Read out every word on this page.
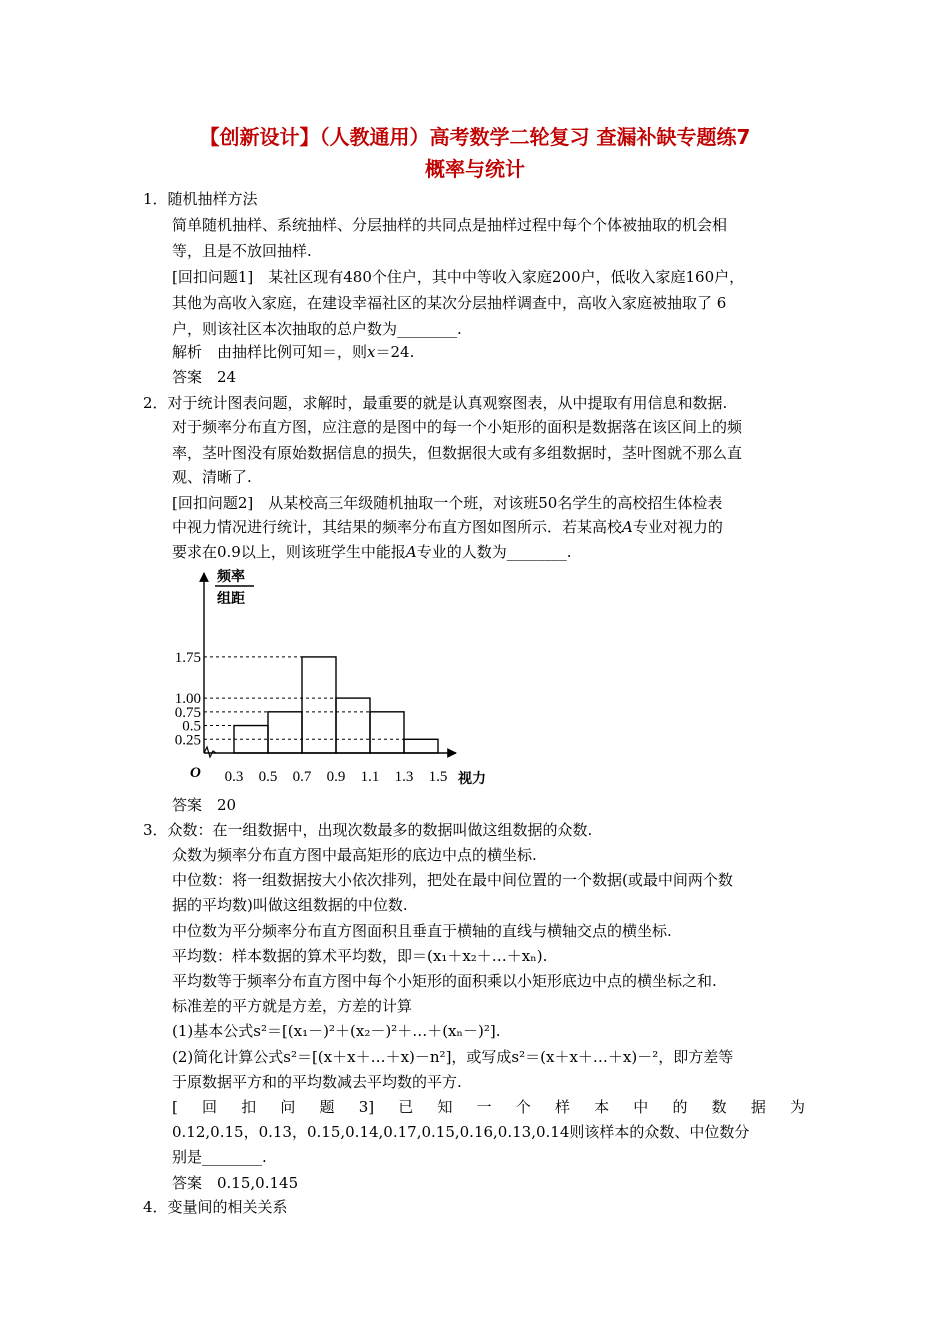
【创新设计】（人教通用）高考数学二轮复习 查漏补缺专题练7
概率与统计
1．随机抽样方法
简单随机抽样、系统抽样、分层抽样的共同点是抽样过程中每个个体被抽取的机会相
等，且是不放回抽样.
[回扣问题1]　某社区现有480个住户，其中中等收入家庭200户，低收入家庭160户，
其他为高收入家庭，在建设幸福社区的某次分层抽样调查中，高收入家庭被抽取了 6
户，则该社区本次抽取的总户数为________.
解析　由抽样比例可知＝，则x＝24.
答案　24
2．对于统计图表问题，求解时，最重要的就是认真观察图表，从中提取有用信息和数据.
对于频率分布直方图，应注意的是图中的每一个小矩形的面积是数据落在该区间上的频
率，茎叶图没有原始数据信息的损失，但数据很大或有多组数据时，茎叶图就不那么直
观、清晰了.
[回扣问题2]　从某校高三年级随机抽取一个班，对该班50名学生的高校招生体检表
中视力情况进行统计，其结果的频率分布直方图如图所示．若某高校A专业对视力的
要求在0.9以上，则该班学生中能报A专业的人数为________.
0.25
0.5
0.75
1.00
1.75
0.3 0.5 0.7 0.9 1.1 1.3 1.5
频率
组距
O	视力
答案　20
3．众数：在一组数据中，出现次数最多的数据叫做这组数据的众数.
众数为频率分布直方图中最高矩形的底边中点的横坐标.
中位数：将一组数据按大小依次排列，把处在最中间位置的一个数据(或最中间两个数
据的平均数)叫做这组数据的中位数.
中位数为平分频率分布直方图面积且垂直于横轴的直线与横轴交点的横坐标.
平均数：样本数据的算术平均数，即＝(x₁＋x₂＋…＋xₙ).
平均数等于频率分布直方图中每个小矩形的面积乘以小矩形底边中点的横坐标之和.
标准差的平方就是方差，方差的计算
(1)基本公式s²＝[(x₁－)²＋(x₂－)²＋…＋(xₙ－)²].
(2)简化计算公式s²＝[(x＋x＋…＋x)－n²]，或写成s²＝(x＋x＋…＋x)－²，即方差等
于原数据平方和的平均数减去平均数的平方.
[ 回 扣 问 题 3] 已 知 一 个 样 本 中 的 数 据 为
0.12,0.15，0.13，0.15,0.14,0.17,0.15,0.16,0.13,0.14则该样本的众数、中位数分
别是________.
答案　0.15,0.145
4．变量间的相关关系
